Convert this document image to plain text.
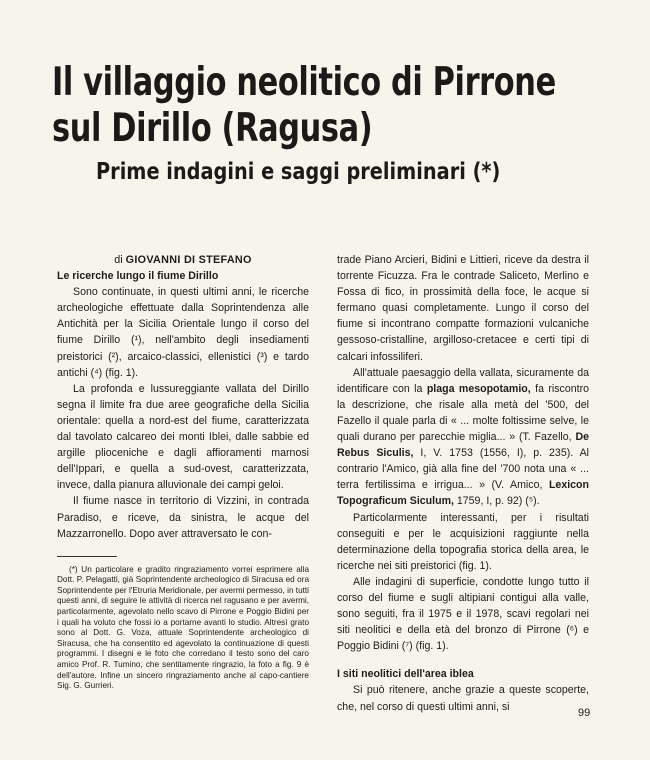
Il villaggio neolitico di Pirrone
sul Dirillo (Ragusa)
Prime indagini e saggi preliminari (*)

di GIOVANNI DI STEFANO

Le ricerche lungo il fiume Dirillo

Sono continuate, in questi ultimi anni, le ricerche archeologiche effettuate dalla Soprintendenza alle Antichità per la Sicilia Orientale lungo il corso del fiume Dirillo (¹), nell'ambito degli insediamenti preistorici (²), arcaico-classici, ellenistici (³) e tardo antichi (⁴) (fig. 1).

La profonda e lussureggiante vallata del Dirillo segna il limite fra due aree geografiche della Sicilia orientale: quella a nord-est del fiume, caratterizzata dal tavolato calcareo dei monti Iblei, dalle sabbie ed argille plioceniche e dagli affioramenti marnosi dell'Ippari, e quella a sud-ovest, caratterizzata, invece, dalla pianura alluvionale dei campi geloi.

Il fiume nasce in territorio di Vizzini, in contrada Paradiso, e riceve, da sinistra, le acque del Mazzarronello. Dopo aver attraversato le con-

(*) Un particolare e gradito ringraziamento vorrei esprimere alla Dott. P. Pelagatti, già Soprintendente archeologico di Siracusa ed ora Soprintendente per l'Etruria Meridionale, per avermi permesso, in tutti questi anni, di seguire le attività di ricerca nel ragusano e per avermi, particolarmente, agevolato nello scavo di Pirrone e Poggio Bidini per i quali ha voluto che fossi io a portarne avanti lo studio. Altresì grato sono al Dott. G. Voza, attuale Soprintendente archeologico di Siracusa, che ha consentito ed agevolato la continuazione di questi programmi. I disegni e le foto che corredano il testo sono del caro amico Prof. R. Tumino, che sentitamente ringrazio, la foto a fig. 9 è dell'autore. Infine un sincero ringraziamento anche al capo-cantiere Sig. G. Gurrieri.

trade Piano Arcieri, Bidini e Littieri, riceve da destra il torrente Ficuzza. Fra le contrade Saliceto, Merlino e Fossa di fico, in prossimità della foce, le acque si fermano quasi completamente. Lungo il corso del fiume si incontrano compatte formazioni vulcaniche gessoso-cristalline, argilloso-cretacee e certi tipi di calcari infossiliferi.

All'attuale paesaggio della vallata, sicuramente da identificare con la plaga mesopotamio, fa riscontro la descrizione, che risale alla metà del '500, del Fazello il quale parla di « ... molte foltissime selve, le quali durano per parecchie miglia... » (T. Fazello, De Rebus Siculis, I, V. 1753 (1556, I), p. 235). Al contrario l'Amico, già alla fine del '700 nota una « ... terra fertilissima e irrigua... » (V. Amico, Lexicon Topograficum Siculum, 1759, I, p. 92) (⁵).

Particolarmente interessanti, per i risultati conseguiti e per le acquisizioni raggiunte nella determinazione della topografia storica della area, le ricerche nei siti preistorici (fig. 1).

Alle indagini di superficie, condotte lungo tutto il corso del fiume e sugli altipiani contigui alla valle, sono seguiti, fra il 1975 e il 1978, scavi regolari nei siti neolitici e della età del bronzo di Pirrone (⁶) e Poggio Bidini (⁷) (fig. 1).

I siti neolitici dell'area iblea

Si può ritenere, anche grazie a queste scoperte, che, nel corso di questi ultimi anni, si

99
